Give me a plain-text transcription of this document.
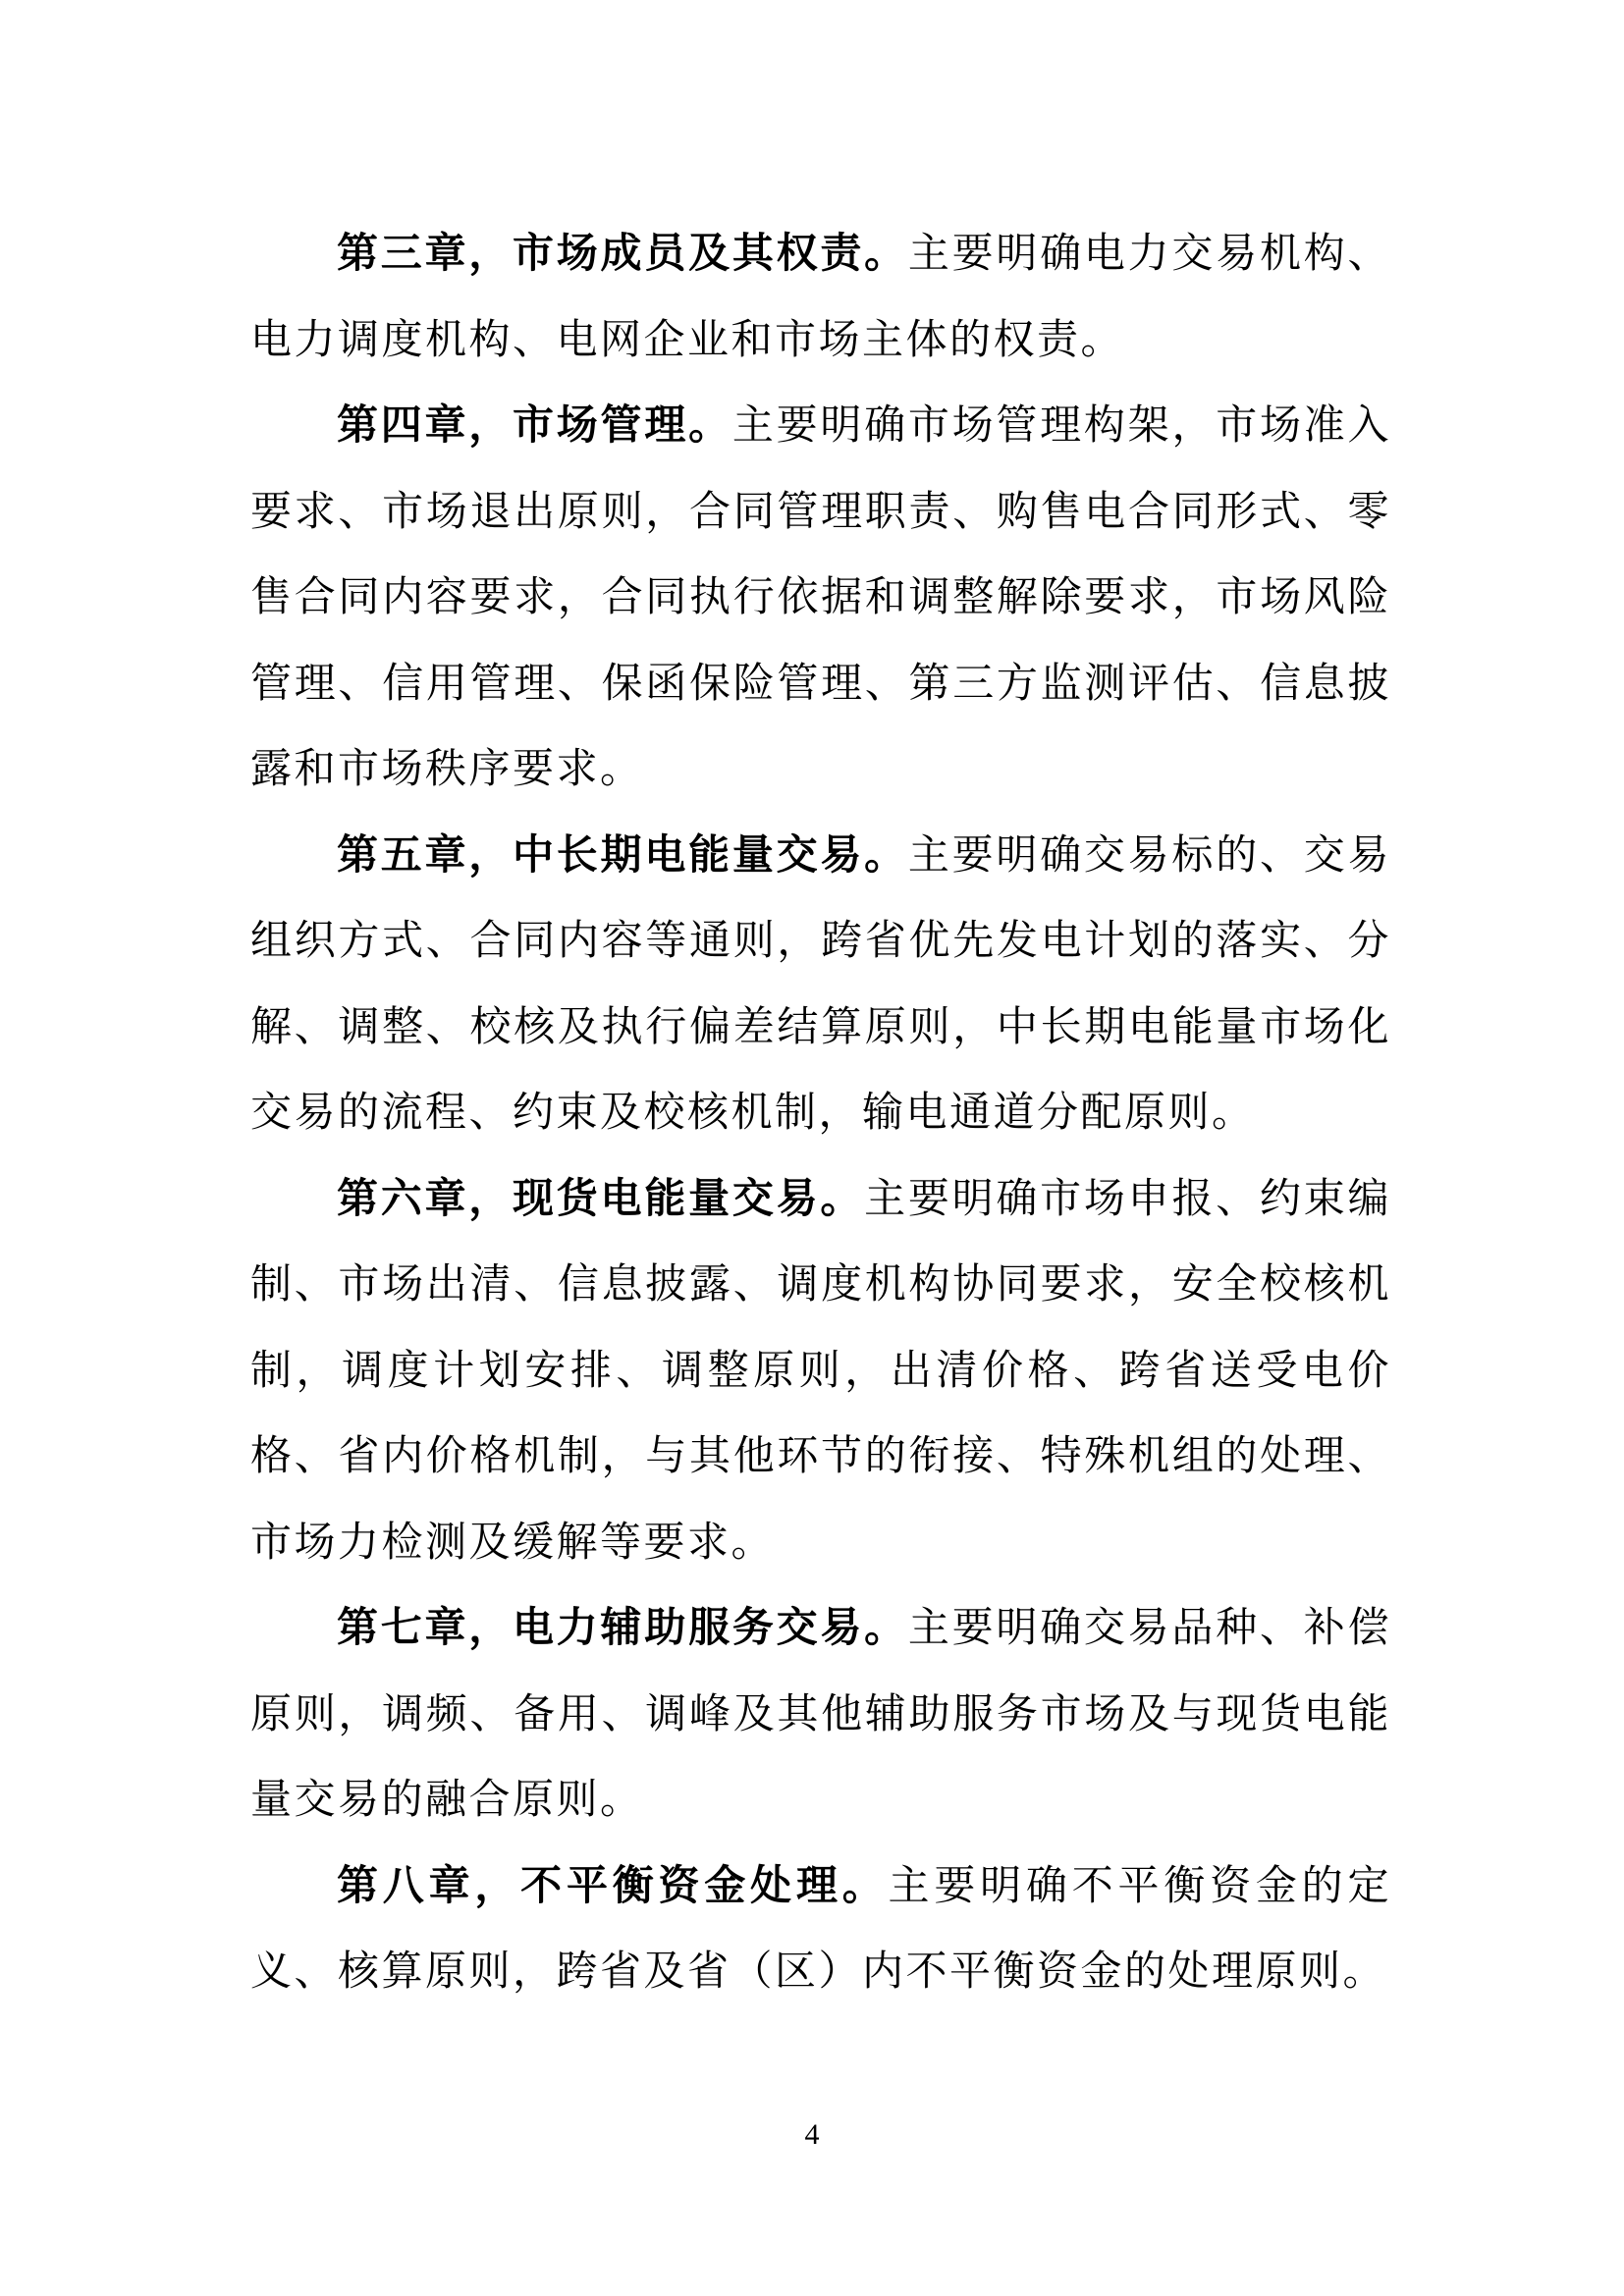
第三章，市场成员及其权责。主要明确电力交易机构、电力调度机构、电网企业和市场主体的权责。

第四章，市场管理。主要明确市场管理构架，市场准入要求、市场退出原则，合同管理职责、购售电合同形式、零售合同内容要求，合同执行依据和调整解除要求，市场风险管理、信用管理、保函保险管理、第三方监测评估、信息披露和市场秩序要求。

第五章，中长期电能量交易。主要明确交易标的、交易组织方式、合同内容等通则，跨省优先发电计划的落实、分解、调整、校核及执行偏差结算原则，中长期电能量市场化交易的流程、约束及校核机制，输电通道分配原则。

第六章，现货电能量交易。主要明确市场申报、约束编制、市场出清、信息披露、调度机构协同要求，安全校核机制，调度计划安排、调整原则，出清价格、跨省送受电价格、省内价格机制，与其他环节的衔接、特殊机组的处理、市场力检测及缓解等要求。

第七章，电力辅助服务交易。主要明确交易品种、补偿原则，调频、备用、调峰及其他辅助服务市场及与现货电能量交易的融合原则。

第八章，不平衡资金处理。主要明确不平衡资金的定义、核算原则，跨省及省（区）内不平衡资金的处理原则。

4
